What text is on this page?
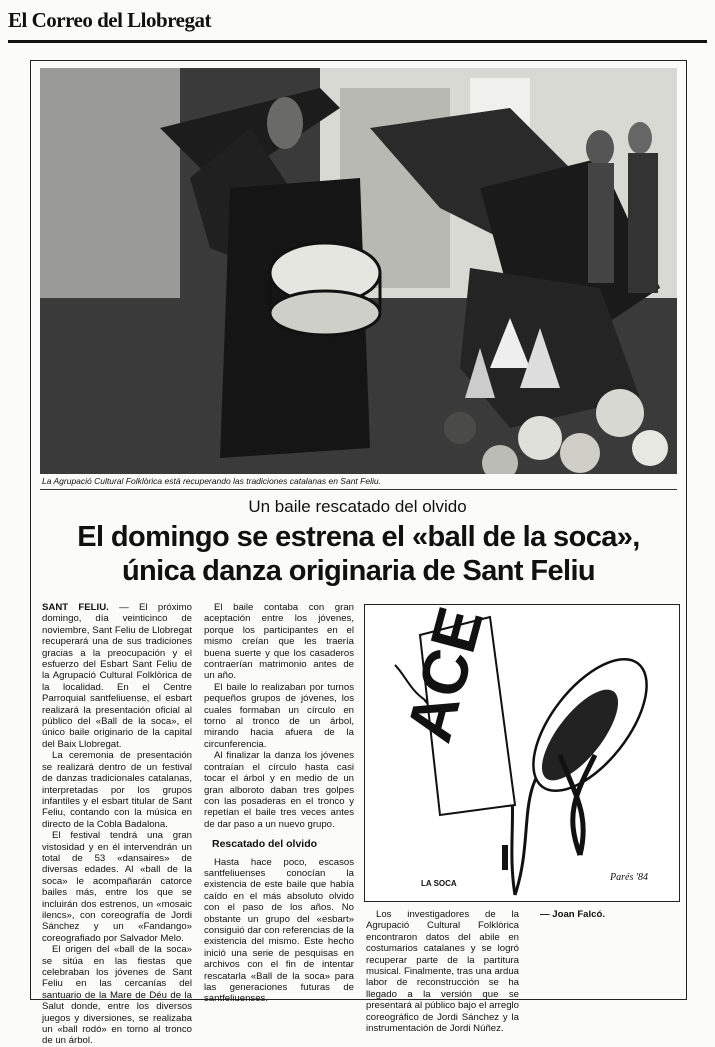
El Correo del Llobregat
La Agrupació Cultural Folklòrica está recuperando las tradiciones catalanas en Sant Feliu.
Un baile rescatado del olvido
El domingo se estrena el «ball de la soca»,
única danza originaria de Sant Feliu

SANT FELIU. — El próximo domingo, día veinticinco de noviembre, Sant Feliu de Llobregat recuperará una de sus tradiciones gracias a la preocupación y el esfuerzo del Esbart Sant Feliu de la Agrupació Cultural Folklòrica de la localidad. En el Centre Parroquial santfeliuense, el esbart realizará la presentación oficial al público del «Ball de la soca», el único baile originario de la capital del Baix Llobregat.

La ceremonia de presentación se realizará dentro de un festival de danzas tradicionales catalanas, interpretadas por los grupos infantiles y el esbart titular de Sant Feliu, contando con la música en directo de la Cobla Badalona.

El festival tendrá una gran vistosidad y en él intervendrán un total de 53 «dansaires» de diversas edades. Al «ball de la soca» le acompañarán catorce bailes más, entre los que se incluirán dos estrenos, un «mosaic ilencs», con coreografía de Jordi Sánchez y un «Fandango» coreografiado por Salvador Melo.

El origen del «ball de la soca» se sitúa en las fiestas que celebraban los jóvenes de Sant Feliu en las cercanías del santuario de la Mare de Déu de la Salut donde, entre los diversos juegos y diversiones, se realizaba un «ball rodó» en torno al tronco de un árbol.

El baile contaba con gran aceptación entre los jóvenes, porque los participantes en el mismo creían que les traería buena suerte y que los casaderos contraerían matrimonio antes de un año.

El baile lo realizaban por turnos pequeños grupos de jóvenes, los cuales formaban un círculo en torno al tronco de un árbol, mirando hacia afuera de la circunferencia.

Al finalizar la danza los jóvenes contraían el círculo hasta casi tocar el árbol y en medio de un gran alboroto daban tres golpes con las posaderas en el tronco y repetían el baile tres veces antes de dar paso a un nuevo grupo.

Rescatado del olvido

Hasta hace poco, escasos santfeliuenses conocían la existencia de este baile que había caído en el más absoluto olvido con el paso de los años. No obstante un grupo del «esbart» consiguió dar con referencias de la existencia del mismo. Este hecho inició una serie de pesquisas en archivos con el fin de intentar rescatarla «Ball de la soca» para las generaciones futuras de santfeliuenses.

ACE
LA SOCA
Parés '84

Los investigadores de la Agrupació Cultural Folklòrica encontraron datos del abile en costumarios catalanes y se logró recuperar parte de la partitura musical. Finalmente, tras una ardua labor de reconstrucción se ha llegado a la versión que se presentará al público bajo el arreglo coreográfico de Jordi Sánchez y la instrumentación de Jordi Núñez.

— Joan Falcó.
